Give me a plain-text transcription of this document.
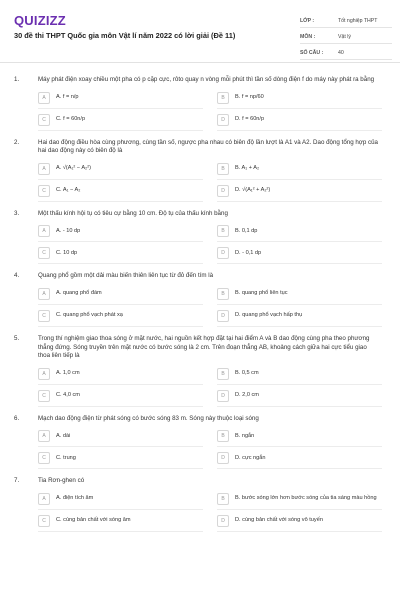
QUIZIZZ
30 đề thi THPT Quốc gia môn Vật lí năm 2022 có lời giải (Đề 11)
LỚP :	Tốt nghiệp THPT
MÔN :	Vật lý
SỐ CÂU :	40
1.	Máy phát điện xoay chiều một pha có p cặp cực, rôto quay n vòng mỗi phút thì tần số dòng điện f do máy này phát ra bằng
A	A. f = n/p	B	B. f = np/60
C	C. f = 60n/p	D	D. f = 60n/p
2.	Hai dao động điều hòa cùng phương, cùng tần số, ngược pha nhau có biên độ lần lượt là A1 và A2. Dao động tổng hợp của hai dao động này có biên độ là
A	A. √(A₁² − A₂²)	B	B. A₁ + A₂
C	C. A₁ − A₂	D	D. √(A₁² + A₂²)
3.	Một thấu kính hội tụ có tiêu cự bằng 10 cm. Độ tụ của thấu kính bằng
A	A. - 10 dp	B	B. 0,1 dp
C	C. 10 dp	D	D. - 0,1 dp
4.	Quang phổ gồm một dải màu biến thiên liên tục từ đỏ đến tím là
A	A. quang phổ đám	B	B. quang phổ liên tục
C	C. quang phổ vạch phát xạ	D	D. quang phổ vạch hấp thụ
5.	Trong thí nghiệm giao thoa sóng ở mặt nước, hai nguồn kết hợp đặt tại hai điểm A và B dao động cùng pha theo phương thẳng đứng. Sóng truyền trên mặt nước có bước sóng là 2 cm. Trên đoạn thẳng AB, khoảng cách giữa hai cực tiểu giao thoa liên tiếp là
A	A. 1,0 cm	B	B. 0,5 cm
C	C. 4,0 cm	D	D. 2,0 cm
6.	Mạch dao động điện từ phát sóng có bước sóng 83 m. Sóng này thuộc loại sóng
A	A. dài	B	B. ngắn
C	C. trung	D	D. cực ngắn
7.	Tia Rơn-ghen có
A	A. điện tích âm	B	B. bước sóng lớn hơn bước sóng của tia sáng màu hồng
C	C. cùng bản chất với sóng âm	D	D. cùng bản chất với sóng vô tuyến
